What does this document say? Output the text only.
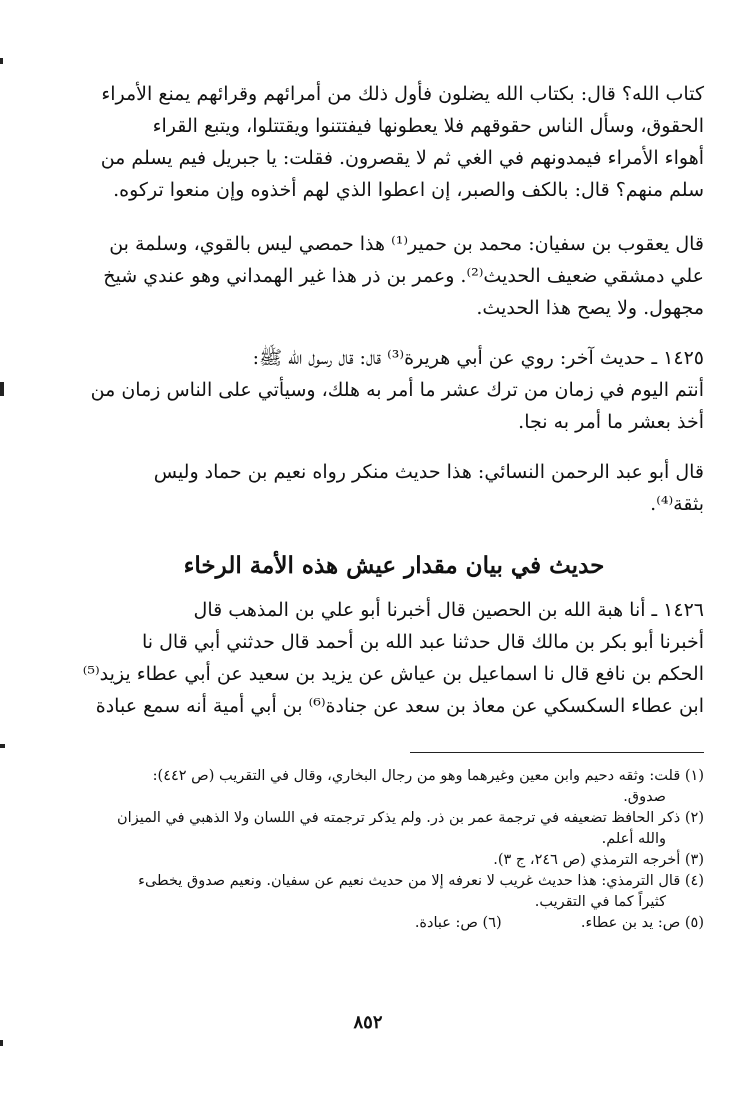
كتاب الله؟ قال: بكتاب الله يضلون فأول ذلك من أمرائهم وقرائهم يمنع الأمراء
الحقوق، وسأل الناس حقوقهم فلا يعطونها فيفتتنوا ويقتتلوا، ويتبع القراء
أهواء الأمراء فيمدونهم في الغي ثم لا يقصرون. فقلت: يا جبريل فيم يسلم من
سلم منهم؟ قال: بالكف والصبر، إن اعطوا الذي لهم أخذوه وإن منعوا تركوه.
قال يعقوب بن سفيان: محمد بن حمير⁽¹⁾ هذا حمصي ليس بالقوي، وسلمة بن
علي دمشقي ضعيف الحديث⁽²⁾. وعمر بن ذر هذا غير الهمداني وهو عندي شيخ
مجهول. ولا يصح هذا الحديث.
١٤٢٥ ـ حديث آخر: روي عن أبي هريرة⁽³⁾ قال: قال رسول الله ﷺ:
أنتم اليوم في زمان من ترك عشر ما أمر به هلك، وسيأتي على الناس زمان من
أخذ بعشر ما أمر به نجا.
قال أبو عبد الرحمن النسائي: هذا حديث منكر رواه نعيم بن حماد وليس
بثقة⁽⁴⁾.
حديث في بيان مقدار عيش هذه الأمة الرخاء
١٤٢٦ ـ أنا هبة الله بن الحصين قال أخبرنا أبو علي بن المذهب قال
أخبرنا أبو بكر بن مالك قال حدثنا عبد الله بن أحمد قال حدثني أبي قال نا
الحكم بن نافع قال نا اسماعيل بن عياش عن يزيد بن سعيد عن أبي عطاء يزيد⁽⁵⁾
ابن عطاء السكسكي عن معاذ بن سعد عن جنادة⁽⁶⁾ بن أبي أمية أنه سمع عبادة
(١) قلت: وثقه دحيم وابن معين وغيرهما وهو من رجال البخاري، وقال في التقريب (ص ٤٤٢):
صدوق.
(٢) ذكر الحافظ تضعيفه في ترجمة عمر بن ذر. ولم يذكر ترجمته في اللسان ولا الذهبي في الميزان
والله أعلم.
(٣) أخرجه الترمذي (ص ٢٤٦، ج ٣).
(٤) قال الترمذي: هذا حديث غريب لا نعرفه إلا من حديث نعيم عن سفيان. ونعيم صدوق يخطىء
كثيراً كما في التقريب.
(٥) ص: يد بن عطاء.  (٦) ص: عبادة.
٨٥٢
